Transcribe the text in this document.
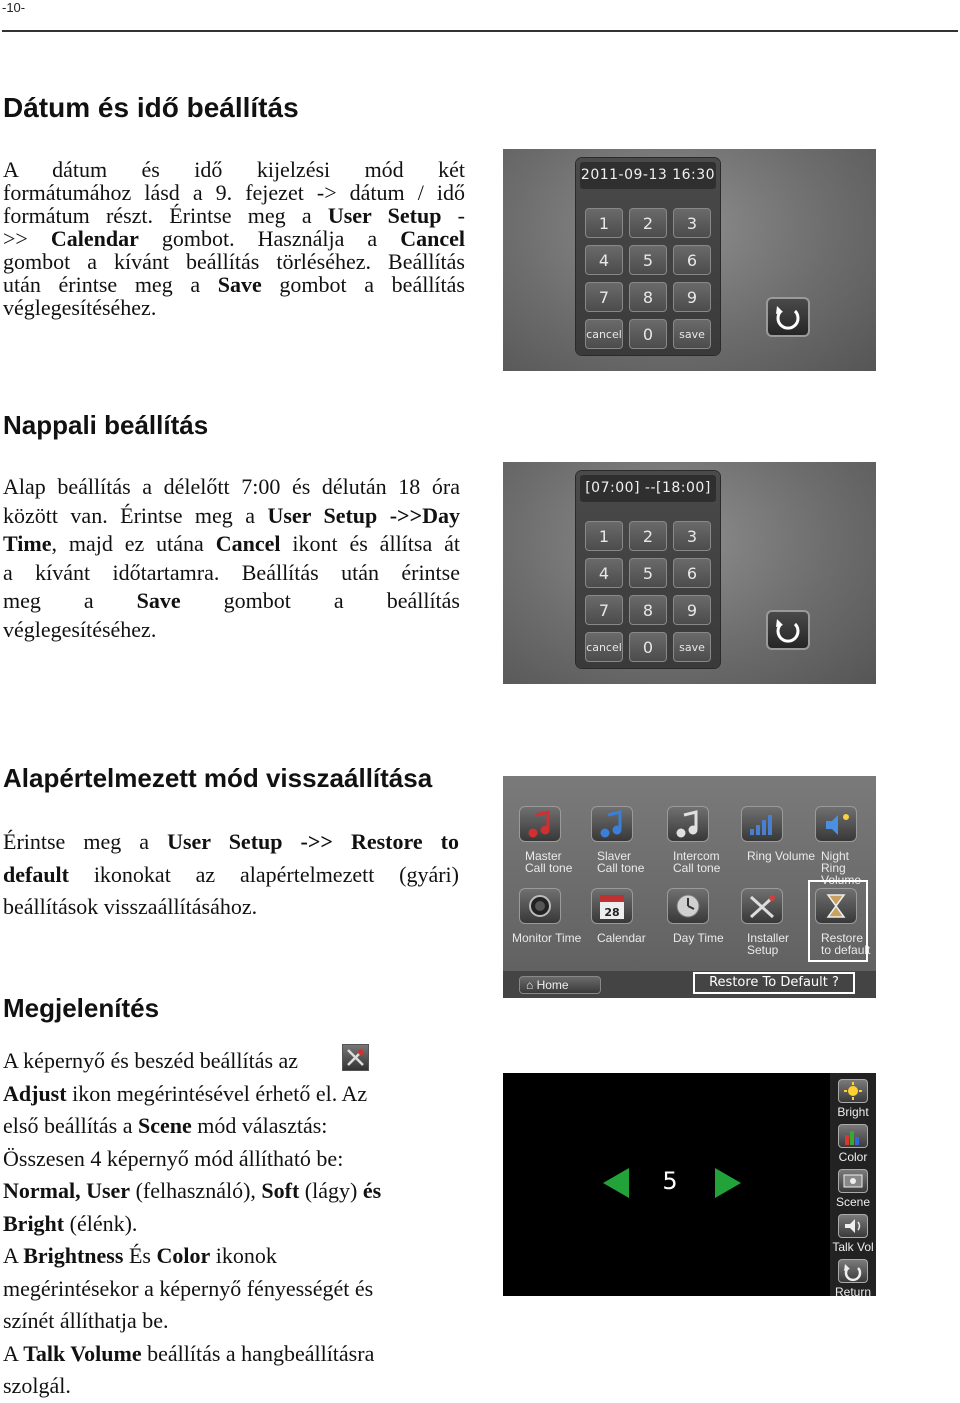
-10-
Dátum és idő beállítás
A dátum és idő kijelzési mód két
formátumához lásd a 9. fejezet -> dátum / idő
formátum részt. Érintse meg a User Setup -
>> Calendar gombot. Használja a Cancel
gombot a kívánt beállítás törléséhez. Beállítás
után érintse meg a Save gombot a beállítás
véglegesítéséhez.
2011-09-13 16:30
1	2	3
4	5	6
7	8	9
cancel	0	save
Nappali beállítás
Alap beállítás a délelőtt 7:00 és délután 18 óra
között van. Érintse meg a User Setup ->>Day
Time, majd ez utána Cancel ikont és állítsa át
a kívánt időtartamra. Beállítás után érintse
meg a Save gombot a beállítás
véglegesítéséhez.
[07:00] --[18:00]
1	2	3
4	5	6
7	8	9
cancel	0	save
Alapértelmezett mód visszaállítása
Érintse meg a User Setup ->> Restore to
default ikonokat az alapértelmezett (gyári)
beállítások visszaállításához.
Master
Call tone
Slaver
Call tone
Intercom
Call tone
Ring Volume Night Ring
Volume
Monitor Time
28
Calendar Day Time Installer
Setup
Restore
to default
⌂ Home	Restore To Default ?
Megjelenítés
A képernyő és beszéd beállítás az
Adjust ikon megérintésével érhető el. Az
első beállítás a Scene mód választás:
Összesen 4 képernyő mód állítható be:
Normal, User (felhasználó), Soft (lágy) és
Bright (élénk).
A Brightness És Color ikonok
megérintésekor a képernyő fényességét és
színét állíthatja be.
A Talk Volume beállítás a hangbeállításra
szolgál.
5
Bright
Color
Scene
Talk Vol
Return
